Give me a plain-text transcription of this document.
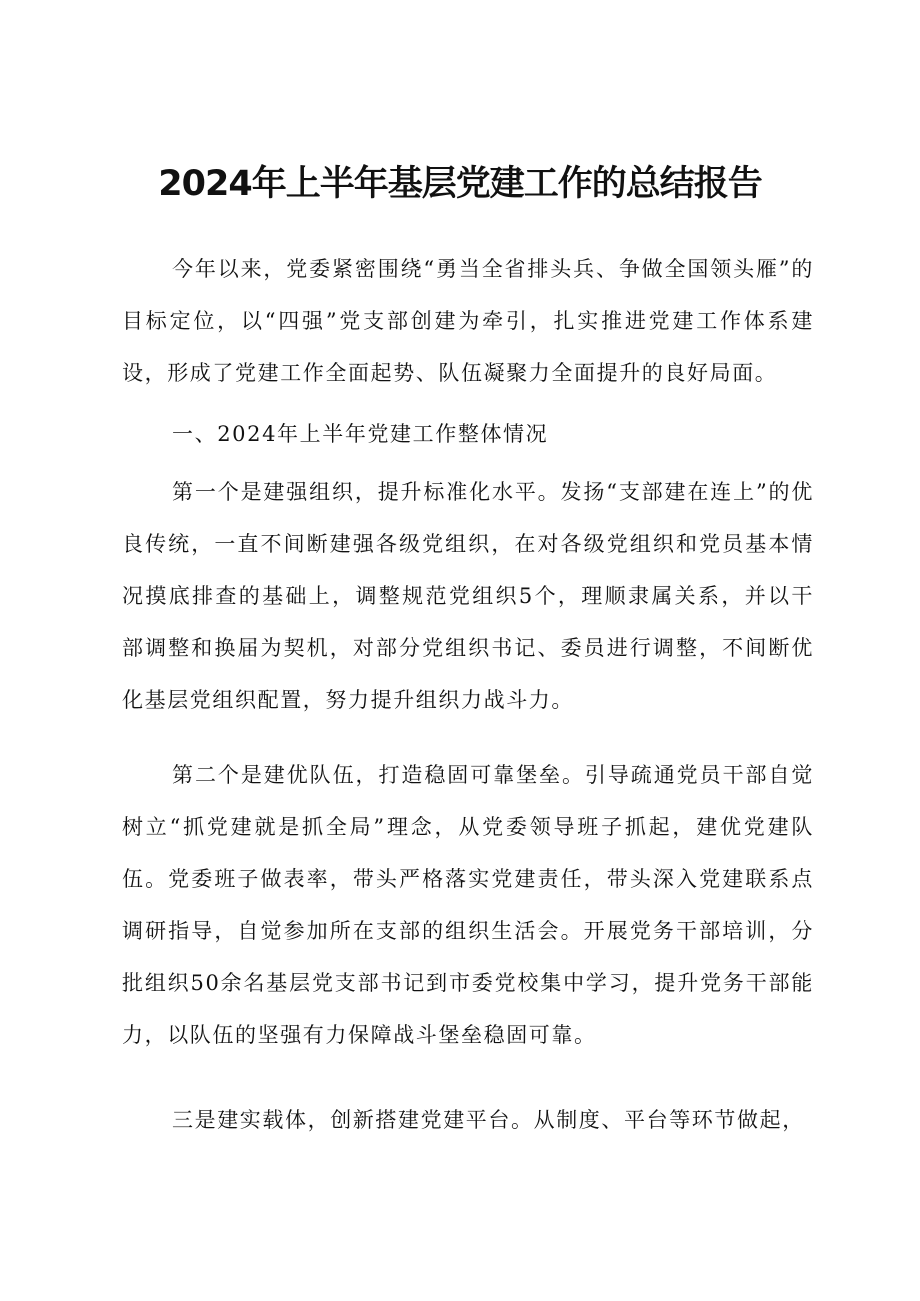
2024年上半年基层党建工作的总结报告

今年以来，党委紧密围绕“勇当全省排头兵、争做全国领头雁”的目标定位，以“四强”党支部创建为牵引，扎实推进党建工作体系建设，形成了党建工作全面起势、队伍凝聚力全面提升的良好局面。

一、2024年上半年党建工作整体情况

第一个是建强组织，提升标准化水平。发扬“支部建在连上”的优良传统，一直不间断建强各级党组织，在对各级党组织和党员基本情况摸底排查的基础上，调整规范党组织5个，理顺隶属关系，并以干部调整和换届为契机，对部分党组织书记、委员进行调整，不间断优化基层党组织配置，努力提升组织力战斗力。

第二个是建优队伍，打造稳固可靠堡垒。引导疏通党员干部自觉树立“抓党建就是抓全局”理念，从党委领导班子抓起，建优党建队伍。党委班子做表率，带头严格落实党建责任，带头深入党建联系点调研指导，自觉参加所在支部的组织生活会。开展党务干部培训，分批组织50余名基层党支部书记到市委党校集中学习，提升党务干部能力，以队伍的坚强有力保障战斗堡垒稳固可靠。

三是建实载体，创新搭建党建平台。从制度、平台等环节做起，
